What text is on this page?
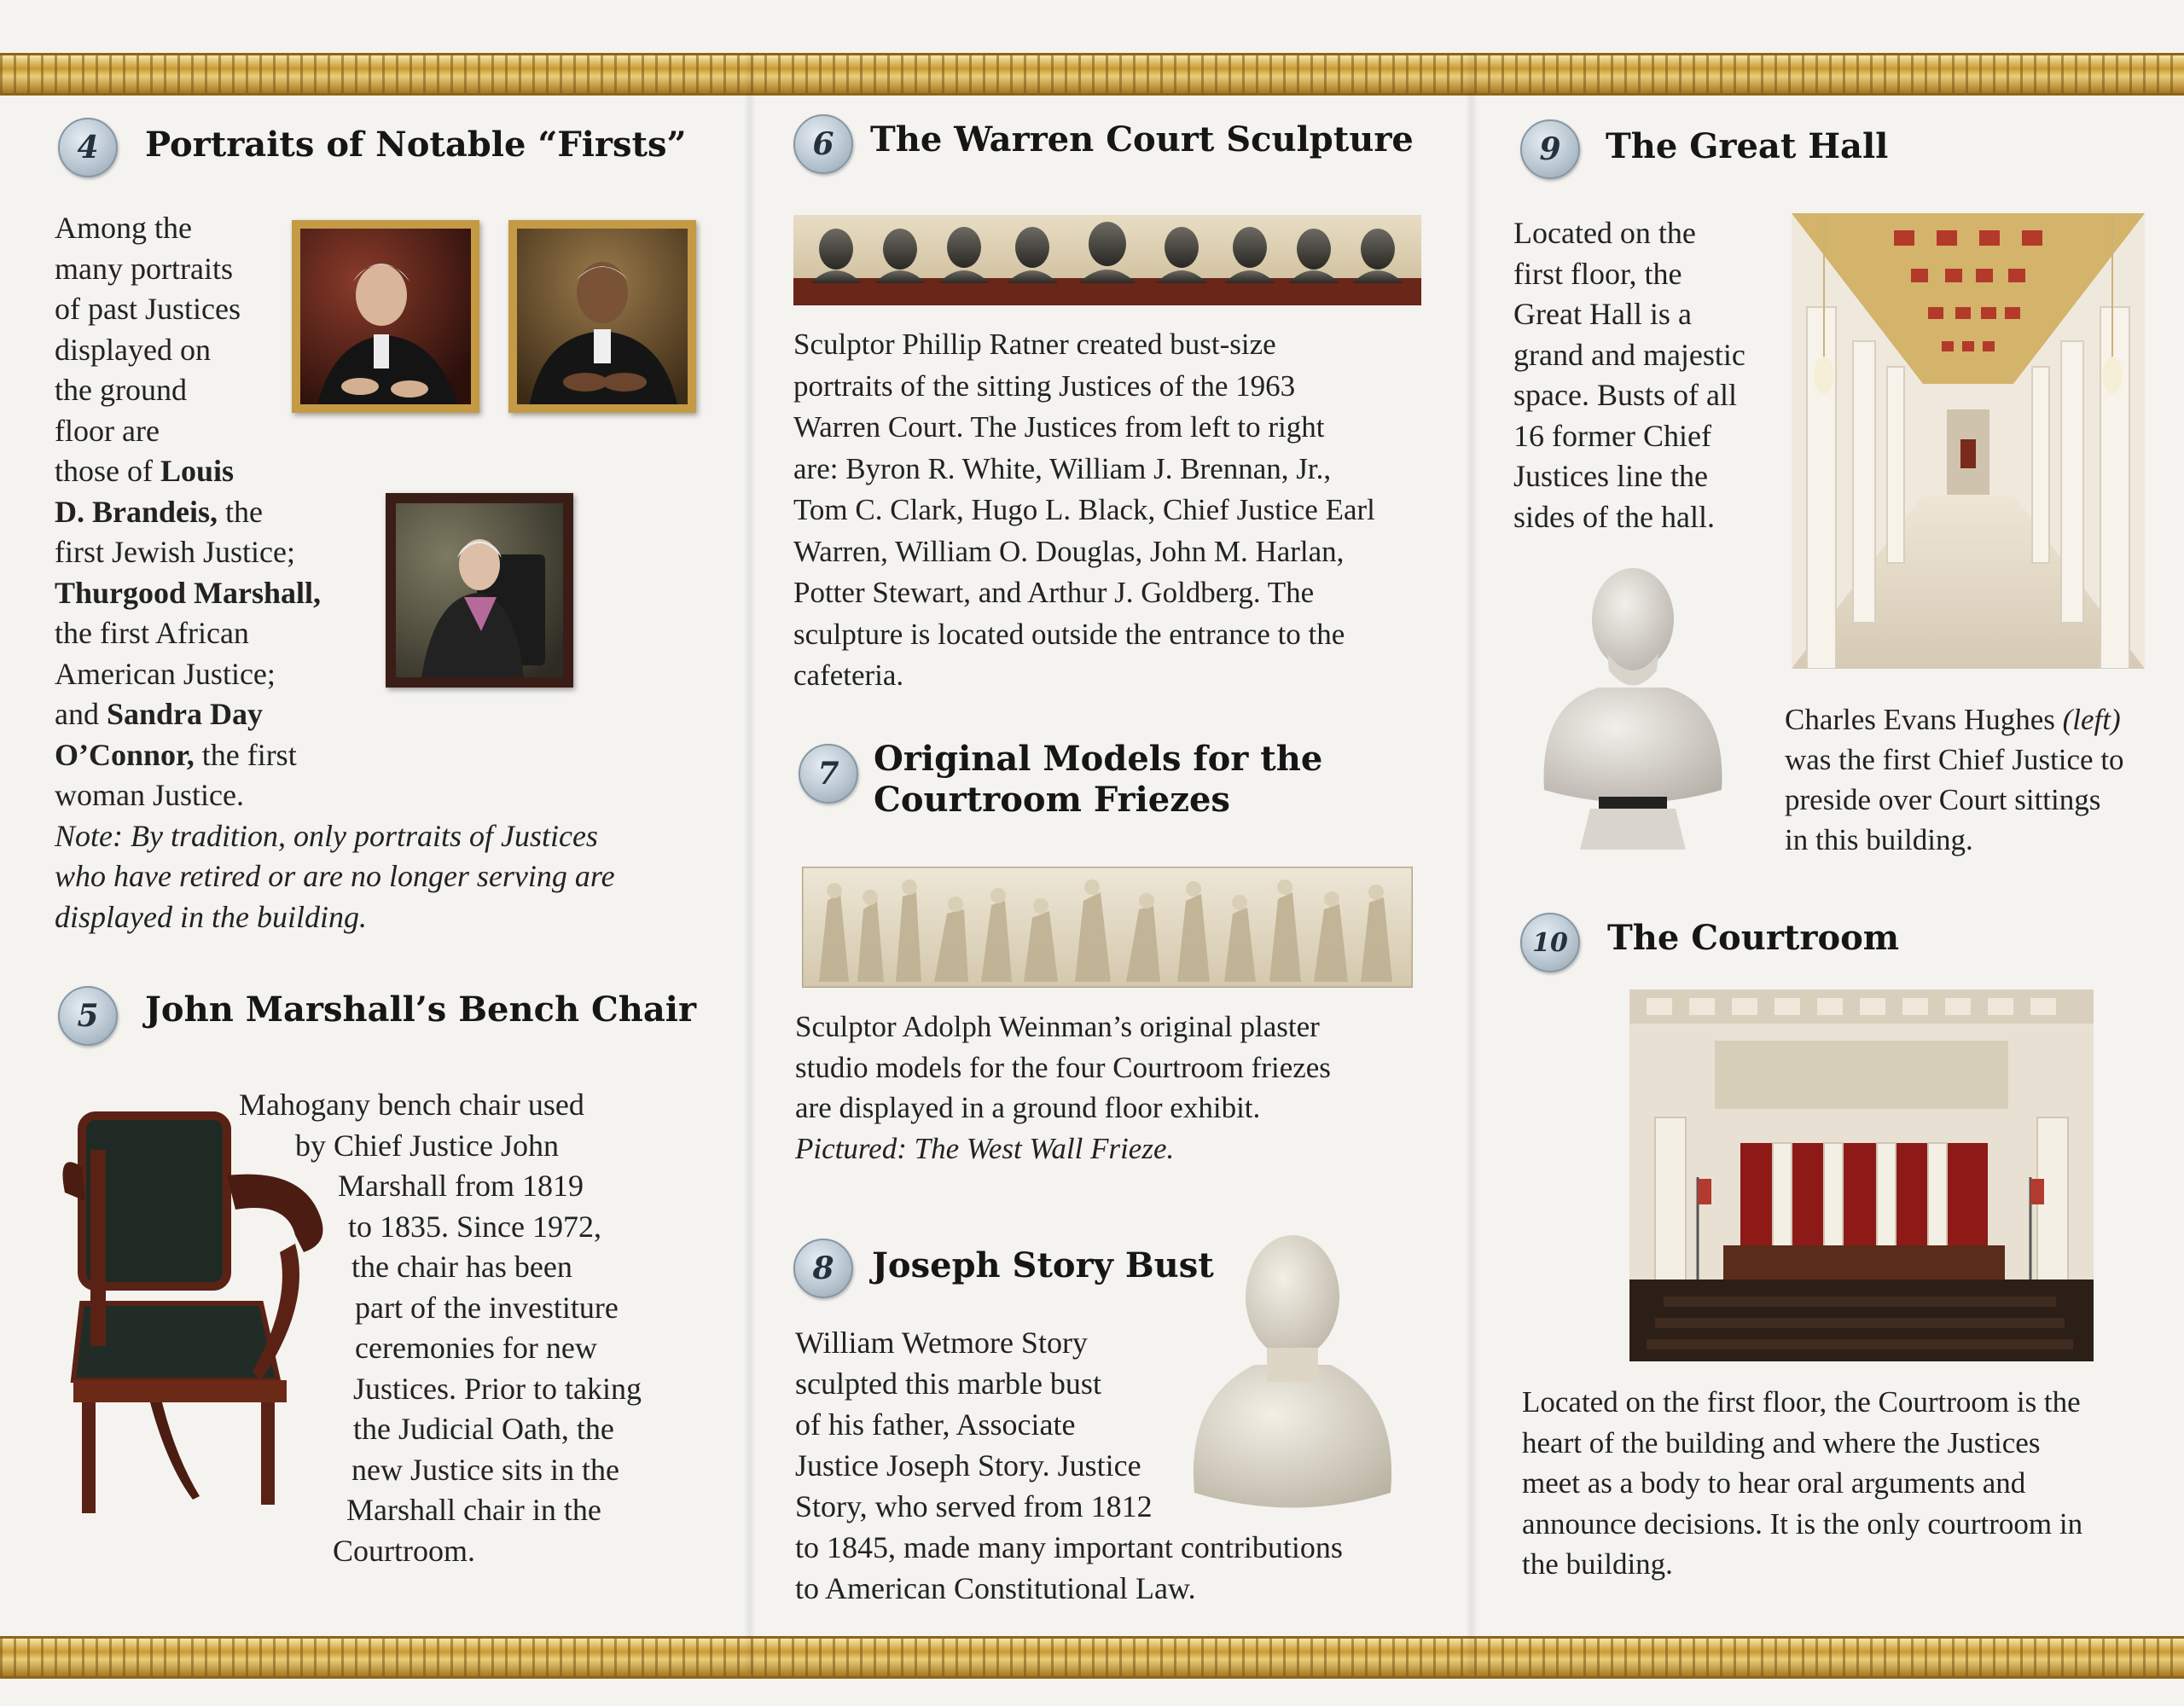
4	Portraits of Notable “Firsts”
Among the
many portraits
of past Justices
displayed on
the ground
floor are
those of Louis
D. Brandeis, the
first Jewish Justice;
Thurgood Marshall,
the first African
American Justice;
and Sandra Day
O’Connor, the first
woman Justice.
Note: By tradition, only portraits of Justices
who have retired or are no longer serving are
displayed in the building.
5	John Marshall’s Bench Chair
Mahogany bench chair used
by Chief Justice John
Marshall from 1819
to 1835. Since 1972,
the chair has been
part of the investiture
ceremonies for new
Justices. Prior to taking
the Judicial Oath, the
new Justice sits in the
Marshall chair in the
Courtroom.
6	The Warren Court Sculpture
Sculptor Phillip Ratner created bust-size
portraits of the sitting Justices of the 1963
Warren Court. The Justices from left to right
are: Byron R. White, William J. Brennan, Jr.,
Tom C. Clark, Hugo L. Black, Chief Justice Earl
Warren, William O. Douglas, John M. Harlan,
Potter Stewart, and Arthur J. Goldberg. The
sculpture is located outside the entrance to the
cafeteria.
7	Original Models for the
Courtroom Friezes
Sculptor Adolph Weinman’s original plaster
studio models for the four Courtroom friezes
are displayed in a ground floor exhibit.
Pictured: The West Wall Frieze.
8	Joseph Story Bust
William Wetmore Story
sculpted this marble bust
of his father, Associate
Justice Joseph Story. Justice
Story, who served from 1812
to 1845, made many important contributions
to American Constitutional Law.
9	The Great Hall
Located on the
first floor, the
Great Hall is a
grand and majestic
space. Busts of all
16 former Chief
Justices line the
sides of the hall.
Charles Evans Hughes (left)
was the first Chief Justice to
preside over Court sittings
in this building.
10	The Courtroom
Located on the first floor, the Courtroom is the
heart of the building and where the Justices
meet as a body to hear oral arguments and
announce decisions. It is the only courtroom in
the building.
